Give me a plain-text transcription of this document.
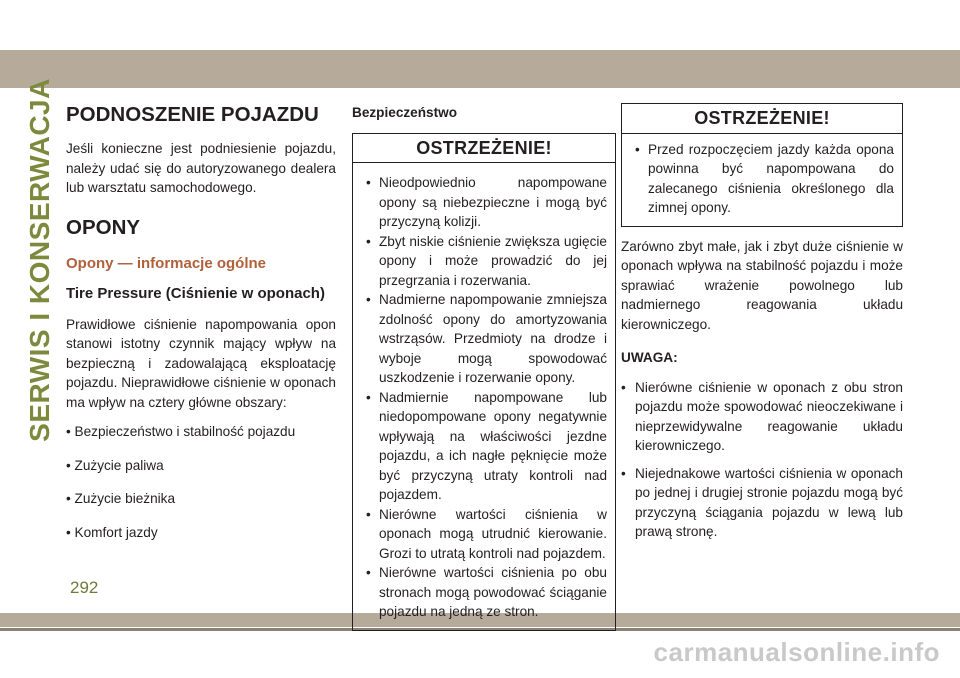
SERWIS I KONSERWACJA PODNOSZENIE POJAZDU

Jeśli konieczne jest podniesienie pojazdu, należy udać się do autoryzowanego dealera lub warsztatu samochodowego.

OPONY
Opony — informacje ogólne
Tire Pressure (Ciśnienie w oponach)

Prawidłowe ciśnienie napompowania opon stanowi istotny czynnik mający wpływ na bezpieczną i zadowalającą eksploatację pojazdu. Nieprawidłowe ciśnienie w oponach ma wpływ na cztery główne obszary:

• Bezpieczeństwo i stabilność pojazdu
• Zużycie paliwa
• Zużycie bieżnika
• Komfort jazdy
Bezpieczeństwo
OSTRZEŻENIE!
• Nieodpowiednio napompowane opony są niebezpieczne i mogą być przyczyną kolizji.
• Zbyt niskie ciśnienie zwiększa ugięcie opony i może prowadzić do jej przegrzania i rozerwania.
• Nadmierne napompowanie zmniejsza zdolność opony do amortyzowania wstrząsów. Przedmioty na drodze i wyboje mogą spowodować uszkodzenie i rozerwanie opony.
• Nadmiernie napompowane lub niedopompowane opony negatywnie wpływają na właściwości jezdne pojazdu, a ich nagłe pęknięcie może być przyczyną utraty kontroli nad pojazdem.
• Nierówne wartości ciśnienia w oponach mogą utrudnić kierowanie. Grozi to utratą kontroli nad pojazdem.
• Nierówne wartości ciśnienia po obu stronach mogą powodować ściąganie pojazdu na jedną ze stron.
OSTRZEŻENIE!
• Przed rozpoczęciem jazdy każda opona powinna być napompowana do zalecanego ciśnienia określonego dla zimnej opony.

Zarówno zbyt małe, jak i zbyt duże ciśnienie w oponach wpływa na stabilność pojazdu i może sprawiać wrażenie powolnego lub nadmiernego reagowania układu kierowniczego.

UWAGA:
• Nierówne ciśnienie w oponach z obu stron pojazdu może spowodować nieoczekiwane i nieprzewidywalne reagowanie układu kierowniczego.
• Niejednakowe wartości ciśnienia w oponach po jednej i drugiej stronie pojazdu mogą być przyczyną ściągania pojazdu w lewą lub prawą stronę.
292
carmanualsonline.info
